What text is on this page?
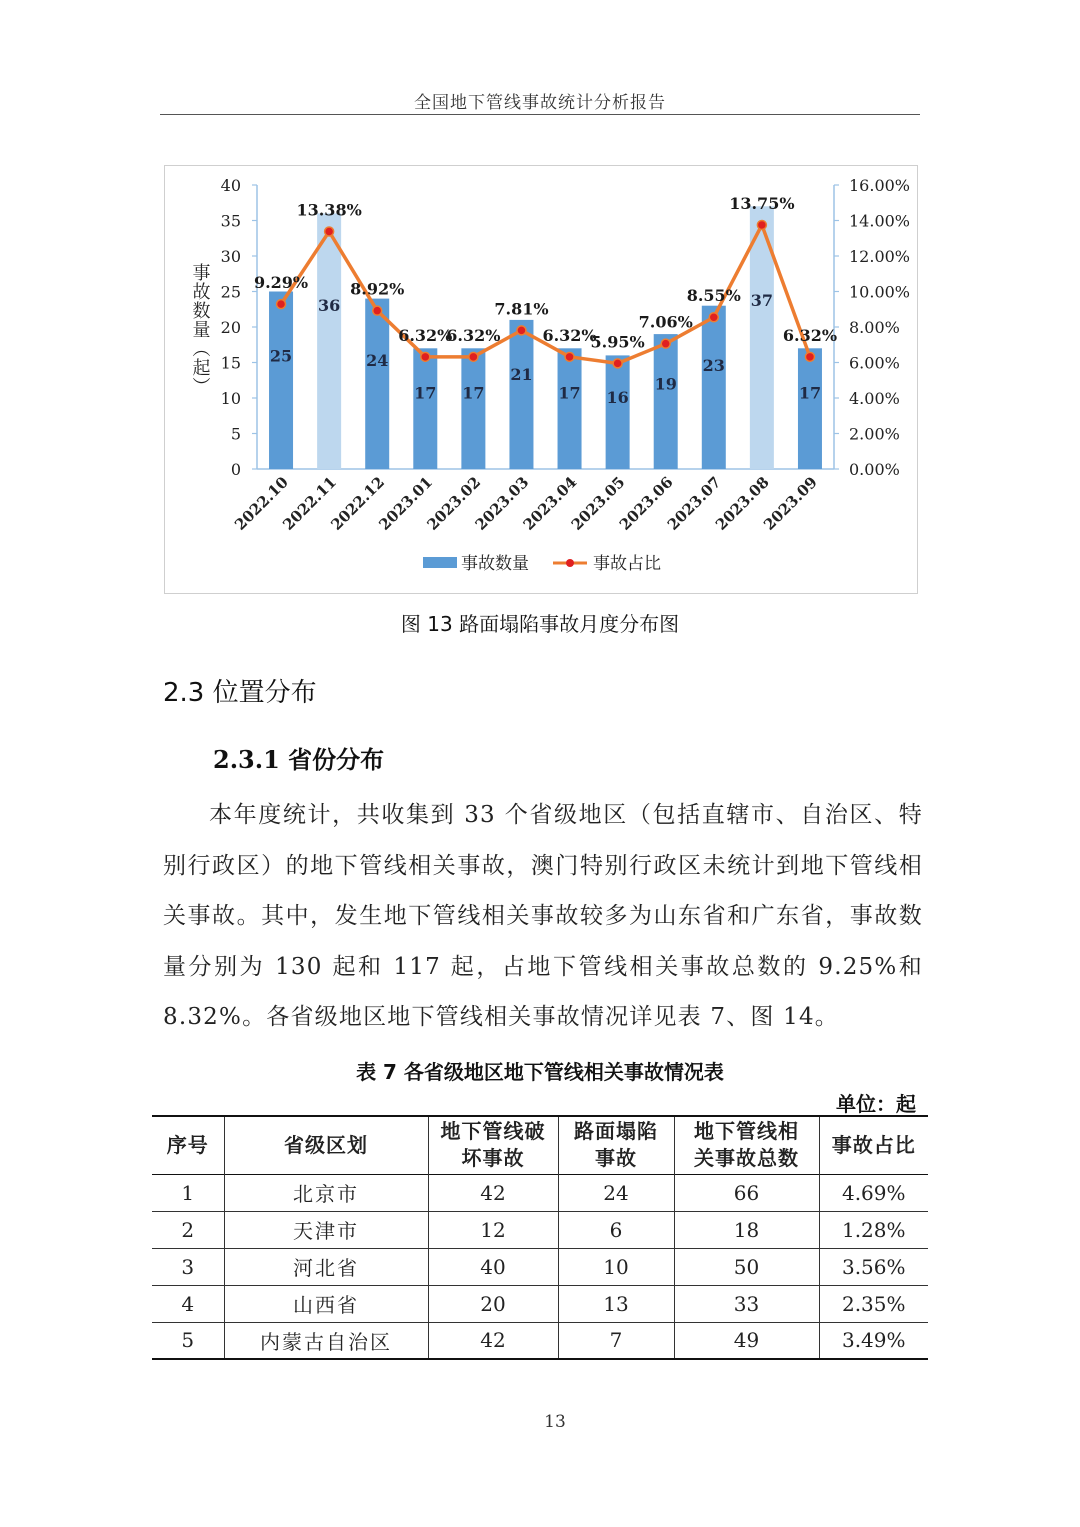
全国地下管线事故统计分析报告
0
5
10
15
20
25
30
35
40
0.00%
2.00%
4.00%
6.00%
8.00%
10.00%
12.00%
14.00%
16.00%
事故数量（起）	25
36
24
17 17
21
17 16
19
23
37
17
9.29%
13.38%
8.92%
6.32%
6.32%
7.81%
6.32%
5.95%
7.06%
8.55%
13.75%
6.32%
2022.10
2022.11
2022.12
2023.01
2023.02
2023.03
2023.04
2023.05
2023.06
2023.07
2023.08
2023.09
事故数量	事故占比
图 13 路面塌陷事故月度分布图
2.3 位置分布
2.3.1 省份分布
本年度统计，共收集到 33 个省级地区（包括直辖市、自治区、特别行政区）的地下管线相关事故，澳门特别行政区未统计到地下管线相关事故。其中，发生地下管线相关事故较多为山东省和广东省，事故数量分别为 130 起和 117 起，占地下管线相关事故总数的 9.25%和 8.32%。各省级地区地下管线相关事故情况详见表 7、图 14。
表 7 各省级地区地下管线相关事故情况表
单位：起
序号	省级区划	地下管线破坏事故	路面塌陷事故	地下管线相关事故总数	事故占比
1	北京市	42	24	66	4.69%
2	天津市	12	6	18	1.28%
3	河北省	40	10	50	3.56%
4	山西省	20	13	33	2.35%
5	内蒙古自治区	42	7	49	3.49%
13
